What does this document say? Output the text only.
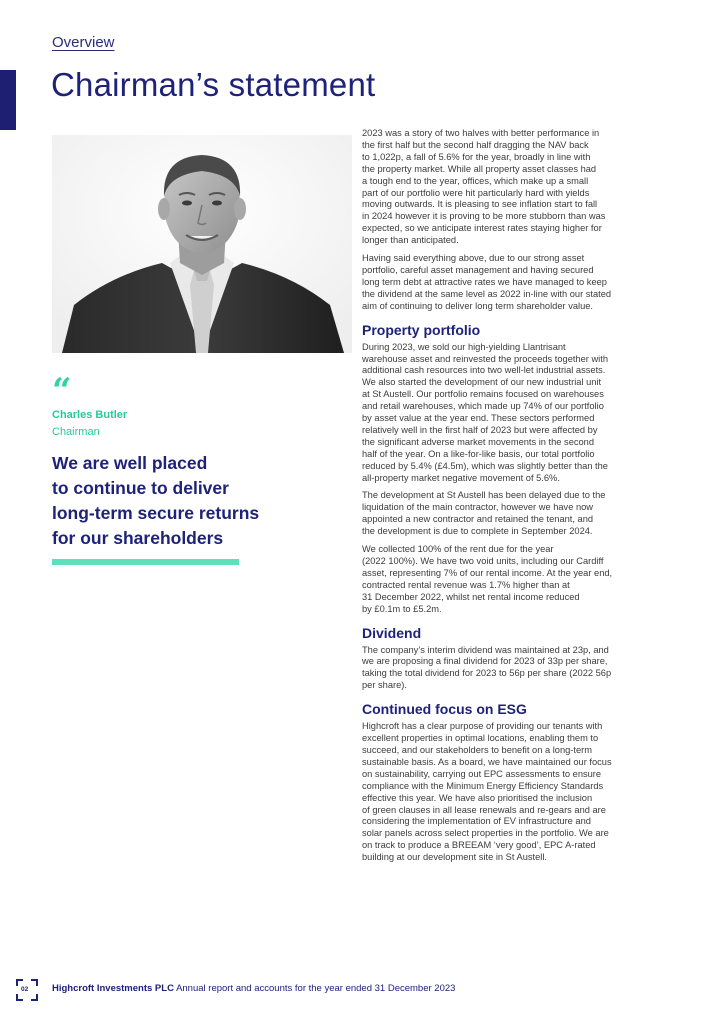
Overview
Chairman’s statement
“
Charles Butler
Chairman
We are well placed
to continue to deliver
long-term secure returns
for our shareholders

2023 was a story of two halves with better performance in
the first half but the second half dragging the NAV back
to 1,022p, a fall of 5.6% for the year, broadly in line with
the property market. While all property asset classes had
a tough end to the year, offices, which make up a small
part of our portfolio were hit particularly hard with yields
moving outwards. It is pleasing to see inflation start to fall
in 2024 however it is proving to be more stubborn than was
expected, so we anticipate interest rates staying higher for
longer than anticipated.

Having said everything above, due to our strong asset
portfolio, careful asset management and having secured
long term debt at attractive rates we have managed to keep
the dividend at the same level as 2022 in-line with our stated
aim of continuing to deliver long term shareholder value.

Property portfolio

During 2023, we sold our high-yielding Llantrisant
warehouse asset and reinvested the proceeds together with
additional cash resources into two well-let industrial assets.
We also started the development of our new industrial unit
at St Austell. Our portfolio remains focused on warehouses
and retail warehouses, which made up 74% of our portfolio
by asset value at the year end. These sectors performed
relatively well in the first half of 2023 but were affected by
the significant adverse market movements in the second
half of the year. On a like-for-like basis, our total portfolio
reduced by 5.4% (£4.5m), which was slightly better than the
all-property market negative movement of 5.6%.

The development at St Austell has been delayed due to the
liquidation of the main contractor, however we have now
appointed a new contractor and retained the tenant, and
the development is due to complete in September 2024.

We collected 100% of the rent due for the year
(2022 100%). We have two void units, including our Cardiff
asset, representing 7% of our rental income. At the year end,
contracted rental revenue was 1.7% higher than at
31 December 2022, whilst net rental income reduced
by £0.1m to £5.2m.

Dividend

The company’s interim dividend was maintained at 23p, and
we are proposing a final dividend for 2023 of 33p per share,
taking the total dividend for 2023 to 56p per share (2022 56p
per share).

Continued focus on ESG

Highcroft has a clear purpose of providing our tenants with
excellent properties in optimal locations, enabling them to
succeed, and our stakeholders to benefit on a long-term
sustainable basis. As a board, we have maintained our focus
on sustainability, carrying out EPC assessments to ensure
compliance with the Minimum Energy Efficiency Standards
effective this year. We have also prioritised the inclusion
of green clauses in all lease renewals and re-gears and are
considering the implementation of EV infrastructure and
solar panels across select properties in the portfolio. We are
on track to produce a BREEAM ‘very good’, EPC A-rated
building at our development site in St Austell.

02	Highcroft Investments PLC Annual report and accounts for the year ended 31 December 2023
